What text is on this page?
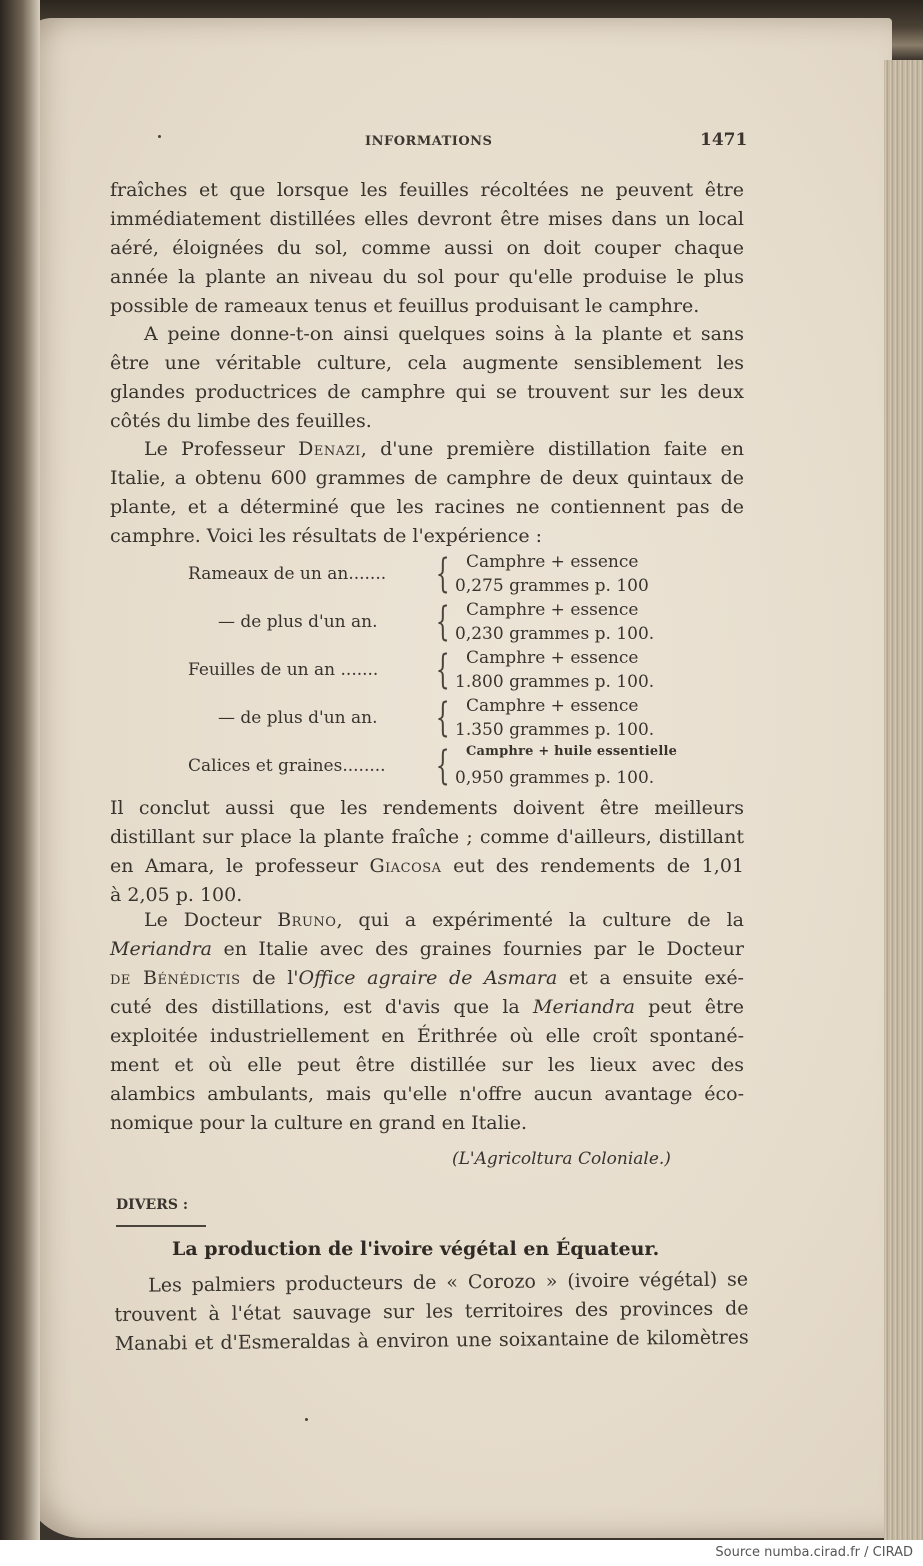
INFORMATIONS	1471
fraîches et que lorsque les feuilles récoltées ne peuvent être
immédiatement distillées elles devront être mises dans un local
aéré, éloignées du sol, comme aussi on doit couper chaque
année la plante an niveau du sol pour qu'elle produise le plus
possible de rameaux tenus et feuillus produisant le camphre.
A peine donne-t-on ainsi quelques soins à la plante et sans
être une véritable culture, cela augmente sensiblement les
glandes productrices de camphre qui se trouvent sur les deux
côtés du limbe des feuilles.
Le Professeur Denazi, d'une première distillation faite en
Italie, a obtenu 600 grammes de camphre de deux quintaux de
plante, et a déterminé que les racines ne contiennent pas de
camphre. Voici les résultats de l'expérience :
Rameaux de un an....... { Camphre + essence
0,275 grammes p. 100
— de plus d'un an. { Camphre + essence
0,230 grammes p. 100.
Feuilles de un an ....... { Camphre + essence
1.800 grammes p. 100.
— de plus d'un an. { Camphre + essence
1.350 grammes p. 100.
Calices et graines........ { Camphre + huile essentielle
0,950 grammes p. 100.
Il conclut aussi que les rendements doivent être meilleurs
distillant sur place la plante fraîche ; comme d'ailleurs, distillant
en Amara, le professeur Giacosa eut des rendements de 1,01
à 2,05 p. 100.
Le Docteur Bruno, qui a expérimenté la culture de la
Meriandra en Italie avec des graines fournies par le Docteur
de Bénédictis de l'Office agraire de Asmara et a ensuite exé-
cuté des distillations, est d'avis que la Meriandra peut être
exploitée industriellement en Érithrée où elle croît spontané-
ment et où elle peut être distillée sur les lieux avec des
alambics ambulants, mais qu'elle n'offre aucun avantage éco-
nomique pour la culture en grand en Italie.
(L'Agricoltura Coloniale.)
DIVERS :
La production de l'ivoire végétal en Équateur.
Les palmiers producteurs de « Corozo » (ivoire végétal) se
trouvent à l'état sauvage sur les territoires des provinces de
Manabi et d'Esmeraldas à environ une soixantaine de kilomètres
Source numba.cirad.fr / CIRAD
